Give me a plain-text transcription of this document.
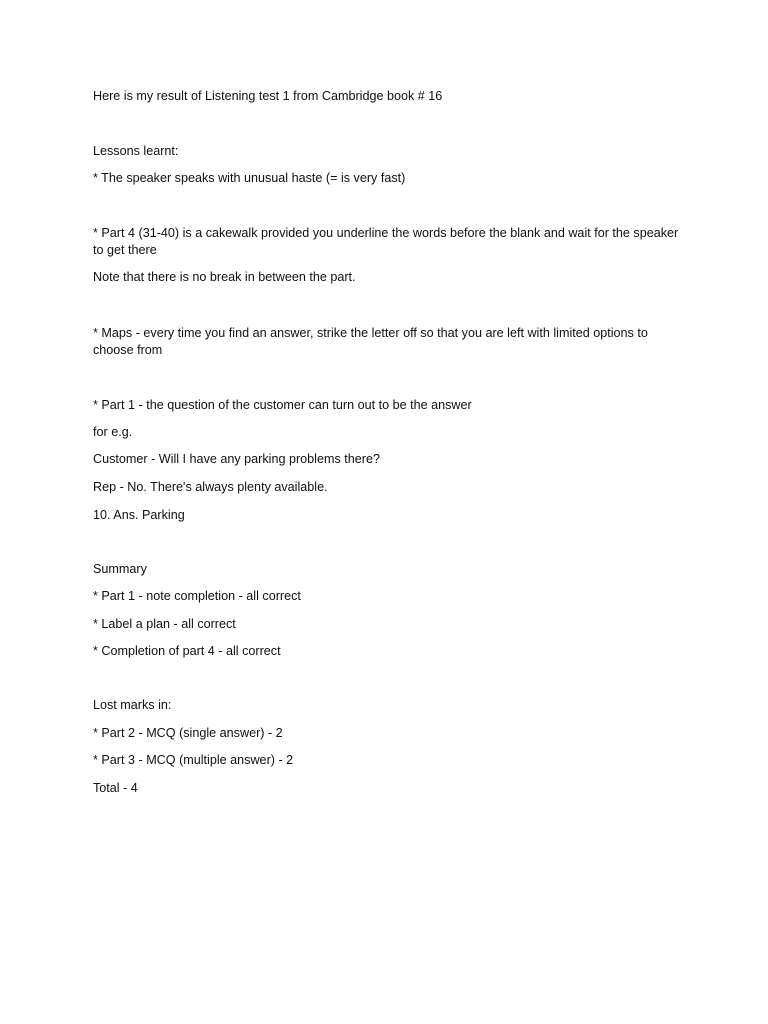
Here is my result of Listening test 1 from Cambridge book # 16
Lessons learnt:
* The speaker speaks with unusual haste (= is very fast)
* Part 4 (31-40) is a cakewalk provided you underline the words before the blank and wait for the speaker to get there
Note that there is no break in between the part.
* Maps - every time you find an answer, strike the letter off so that you are left with limited options to choose from
* Part 1 - the question of the customer can turn out to be the answer
for e.g.
Customer - Will I have any parking problems there?
Rep - No. There's always plenty available.
10. Ans. Parking
Summary
* Part 1 - note completion - all correct
* Label a plan - all correct
* Completion of part 4 - all correct
Lost marks in:
* Part 2 - MCQ (single answer) - 2
* Part 3 - MCQ (multiple answer) - 2
Total - 4
